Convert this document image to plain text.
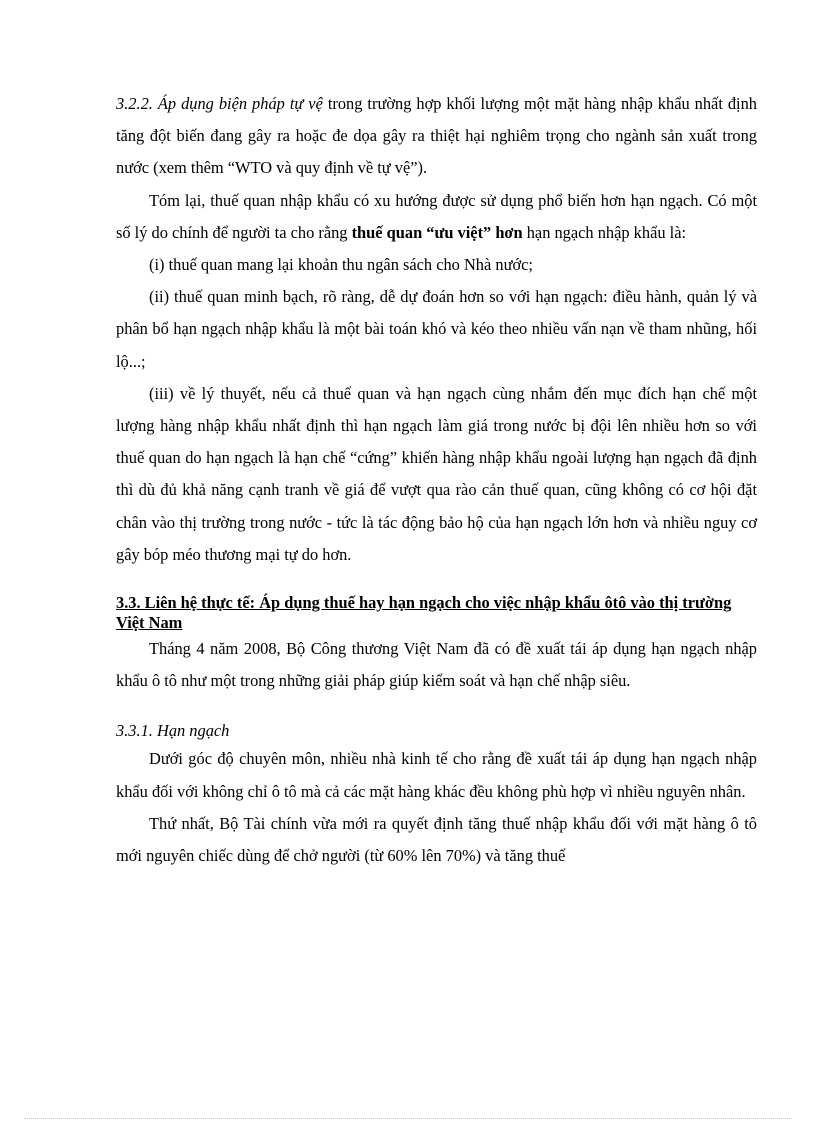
3.2.2. Áp dụng biện pháp tự vệ trong trường hợp khối lượng một mặt hàng nhập khẩu nhất định tăng đột biến đang gây ra hoặc đe dọa gây ra thiệt hại nghiêm trọng cho ngành sản xuất trong nước (xem thêm “WTO và quy định về tự vệ”).

Tóm lại, thuế quan nhập khẩu có xu hướng được sử dụng phổ biến hơn hạn ngạch. Có một số lý do chính để người ta cho rằng thuế quan “ưu việt” hơn hạn ngạch nhập khẩu là:

(i) thuế quan mang lại khoản thu ngân sách cho Nhà nước;

(ii) thuế quan minh bạch, rõ ràng, dễ dự đoán hơn so với hạn ngạch: điều hành, quản lý và phân bổ hạn ngạch nhập khẩu là một bài toán khó và kéo theo nhiều vấn nạn về tham nhũng, hối lộ...;

(iii) về lý thuyết, nếu cả thuế quan và hạn ngạch cùng nhắm đến mục đích hạn chế một lượng hàng nhập khẩu nhất định thì hạn ngạch làm giá trong nước bị đội lên nhiều hơn so với thuế quan do hạn ngạch là hạn chế “cứng” khiến hàng nhập khẩu ngoài lượng hạn ngạch đã định thì dù đủ khả năng cạnh tranh về giá để vượt qua rào cản thuế quan, cũng không có cơ hội đặt chân vào thị trường trong nước - tức là tác động bảo hộ của hạn ngạch lớn hơn và nhiều nguy cơ gây bóp méo thương mại tự do hơn.

3.3. Liên hệ thực tế: Áp dụng thuế hay hạn ngạch cho việc nhập khẩu ôtô vào thị trường Việt Nam

Tháng 4 năm 2008, Bộ Công thương Việt Nam đã có đề xuất tái áp dụng hạn ngạch nhập khẩu ô tô như một trong những giải pháp giúp kiểm soát và hạn chế nhập siêu.

3.3.1. Hạn ngạch

Dưới góc độ chuyên môn, nhiều nhà kinh tế cho rằng đề xuất tái áp dụng hạn ngạch nhập khẩu đối với không chỉ ô tô mà cả các mặt hàng khác đều không phù hợp vì nhiều nguyên nhân.

Thứ nhất, Bộ Tài chính vừa mới ra quyết định tăng thuế nhập khẩu đối với mặt hàng ô tô mới nguyên chiếc dùng để chở người (từ 60% lên 70%) và tăng thuế
